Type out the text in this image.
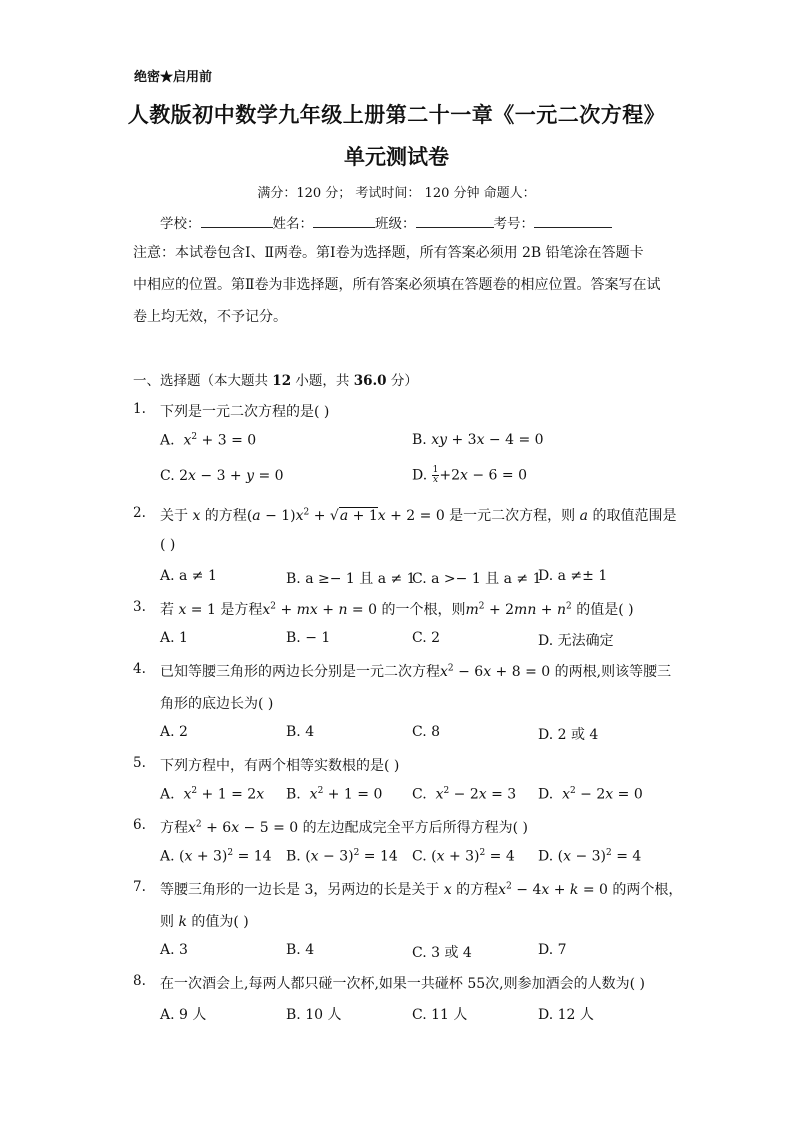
绝密★启用前
人教版初中数学九年级上册第二十一章《一元二次方程》
单元测试卷
满分：120 分； 考试时间： 120 分钟 命题人：
学校：	姓名：	班级：	考号：
注意：本试卷包含Ⅰ、Ⅱ两卷。第Ⅰ卷为选择题，所有答案必须用 2B 铅笔涂在答题卡
中相应的位置。第Ⅱ卷为非选择题，所有答案必须填在答题卷的相应位置。答案写在试
卷上均无效，不予记分。
一、选择题（本大题共 12 小题，共 36.0 分）
1. 下列是一元二次方程的是( )
A. $x^2 + 3 = 0$	B. xy + 3x − 4 = 0
C. 2x − 3 + y = 0	D. $\frac{1}{x} +2x - 6 = 0$
2. 关于 x 的方程$(a - 1)x^2 + √a + 1x + 2 = 0$ 是一元二次方程，则 a 的取值范围是
( )
A. a ≠ 1	B. a ≥− 1 且 a ≠ 1
C. a >− 1 且 a ≠ 1
D. a ≠± 1
3. 若 x = 1 是方程$x^2$ + mx + n = 0 的一个根，则$m^2 + 2mn + n^2$ 的值是( )
A. 1	B. − 1	C. 2	D. 无法确定
4. 已知等腰三角形的两边长分别是一元二次方程$x^2 - 6x + 8 = 0$ 的两根,则该等腰三
角形的底边长为( )
A. 2	B. 4	C. 8	D. 2 或 4
5. 下列方程中，有两个相等实数根的是( )
A. $x^2 + 1 = 2x$ B. $x^2 + 1 = 0$ C. $x^2 - 2x = 3$ D. $x^2 - 2x = 0$
6. 方程$x^2 + 6x - 5 = 0$ 的左边配成完全平方后所得方程为( )
A. $(x + 3)^2 = 14$ B. $(x - 3)^2 = 14$ C. $(x + 3)^2 = 4$ D. $(x - 3)^2 = 4$
7. 等腰三角形的一边长是 3，另两边的长是关于 x 的方程$x^2 - 4x + k = 0$ 的两个根，
则 k 的值为( )
A. 3	B. 4	C. 3 或 4	D. 7
8. 在一次酒会上,每两人都只碰一次杯,如果一共碰杯 55次,则参加酒会的人数为( )
A. 9 人	B. 10 人	C. 11 人	D. 12 人
